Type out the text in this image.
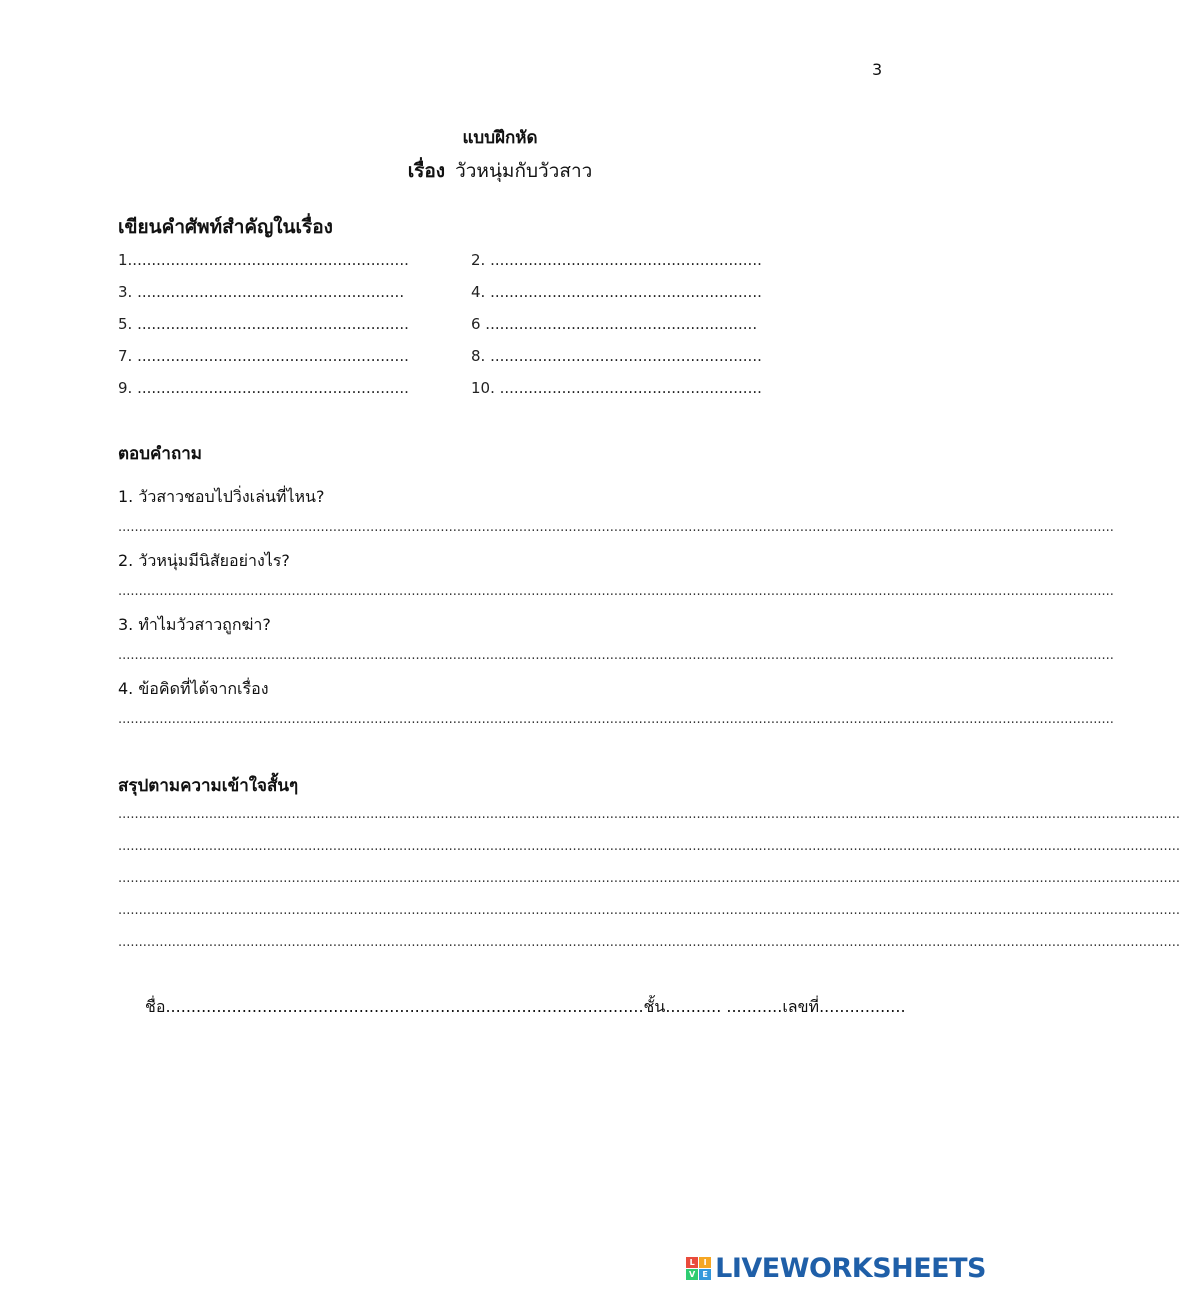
3
แบบฝึกหัด
เรื่อง วัวหนุ่มกับวัวสาว
เขียนคำศัพท์สำคัญในเรื่อง
1...........................................................
3. ........................................................
5. .........................................................
7. .........................................................
9. .........................................................
2. .........................................................
4. .........................................................
6 .........................................................
8. .........................................................
10. .......................................................
ตอบคำถาม
1. วัวสาวชอบไปวิ่งเล่นที่ไหน?
.................................................................................................................................................................................................................................................
2. วัวหนุ่มมีนิสัยอย่างไร?
.................................................................................................................................................................................................................................................
3. ทำไมวัวสาวถูกฆ่า?
.................................................................................................................................................................................................................................................
4. ข้อคิดที่ได้จากเรื่อง
.................................................................................................................................................................................................................................................
สรุปตามความเข้าใจสั้นๆ
.................................................................................................................................................................................................................................................................
.................................................................................................................................................................................................................................................................
.................................................................................................................................................................................................................................................................
.................................................................................................................................................................................................................................................................
.................................................................................................................................................................................................................................................................
ชื่อ..............................................................................................ชั้น........... ...........เลขที่.................
L	I
V E LIVEWORKSHEETS
